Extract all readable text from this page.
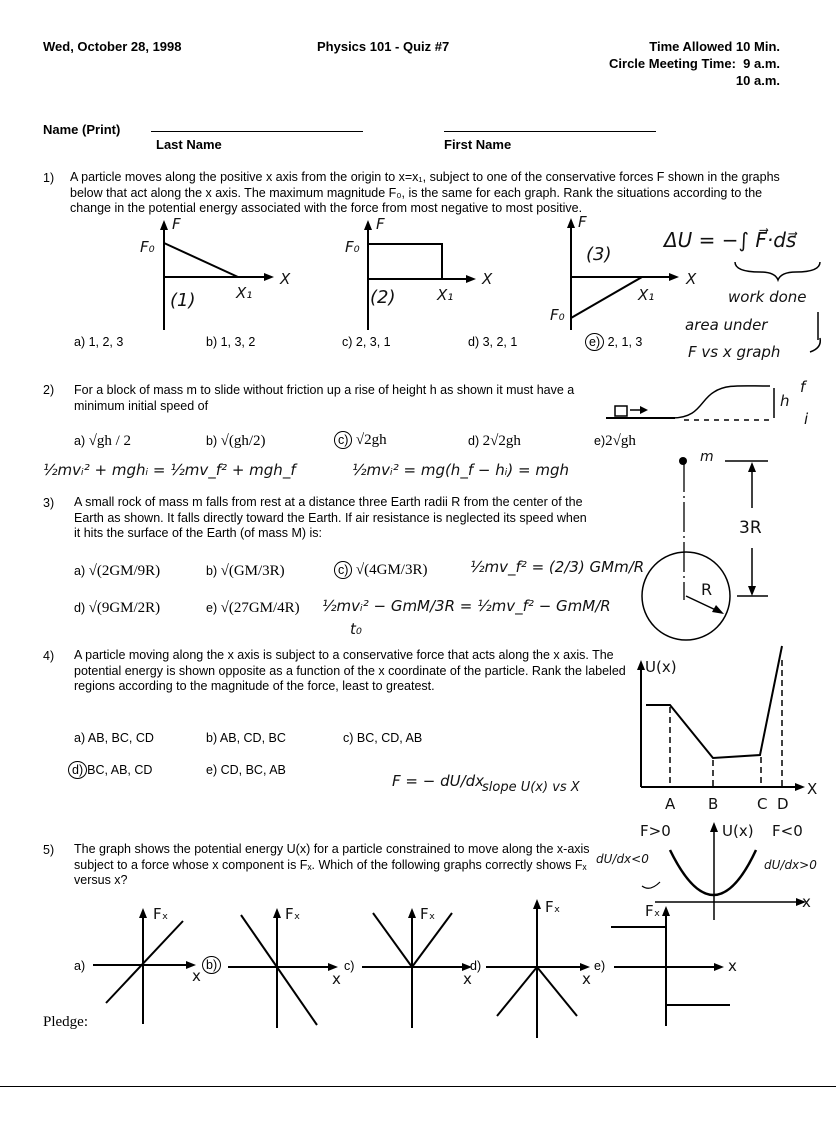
Wed, October 28, 1998	Physics 101 - Quiz #7	Time Allowed 10 Min.
Circle Meeting Time:  9 a.m.
10 a.m.
Name (Print)
Last Name	First Name
1) A particle moves along the positive x axis from the origin to x=x₁, subject to one of the conservative forces F shown in the graphs below that act along the x axis. The maximum magnitude F₀, is the same for each graph. Rank the situations according to the change in the potential energy associated with the force from most negative to most positive.
F
F₀
X
X₁
(1)
F
F₀
X
X₁
(2)
F
F₀
X
X₁
(3)
a) 1, 2, 3	b) 1, 3, 2	c) 2, 3, 1	d) 3, 2, 1	e) 2, 1, 3
ΔU = −∫ F⃗·ds⃗
work done
area under
F vs x graph
2) For a block of mass m to slide without friction up a rise of height h as shown it must have a minimum initial speed of	h
f
i
a) √gh / 2	b) √(gh/2)	c) √2gh	d) 2√2gh	e)2√gh
½mvᵢ² + mghᵢ = ½mv_f² + mgh_f	½mvᵢ² = mg(h_f − hᵢ) = mgh
3) A small rock of mass m falls from rest at a distance three Earth radii R from the center of the Earth as shown. It falls directly toward the Earth. If air resistance is neglected its speed when it hits the surface of the Earth (of mass M) is:
a) √(2GM/9R)	b) √(GM/3R)	c) √(4GM/3R)
d) √(9GM/2R)	e) √(27GM/4R)
½mv_f² = (2/3) GMm/R
½mvᵢ² − GmM/3R = ½mv_f² − GmM/R
t₀
m
3R
R
4) A particle moving along the x axis is subject to a conservative force that acts along the x axis. The potential energy is shown opposite as a function of the x coordinate of the particle. Rank the labeled regions according to the magnitude of the force, least to greatest.
a) AB, BC, CD	b) AB, CD, BC	c) BC, CD, AB
d) BC, AB, CD	e) CD, BC, AB
F = − dU/dx
slope U(x) vs X
U(x)
X
A B	C D
5) The graph shows the potential energy U(x) for a particle constrained to move along the x-axis subject to a force whose x component is Fₓ. Which of the following graphs correctly shows Fₓ versus x?
F>0	U(x) F<0
dU/dx<0	dU/dx>0
x
Fₓ	Fₓ	Fₓ	Fₓ	Fₓ
x	x	x	x
x
a)	b)	c)	d)	e)
Pledge:
